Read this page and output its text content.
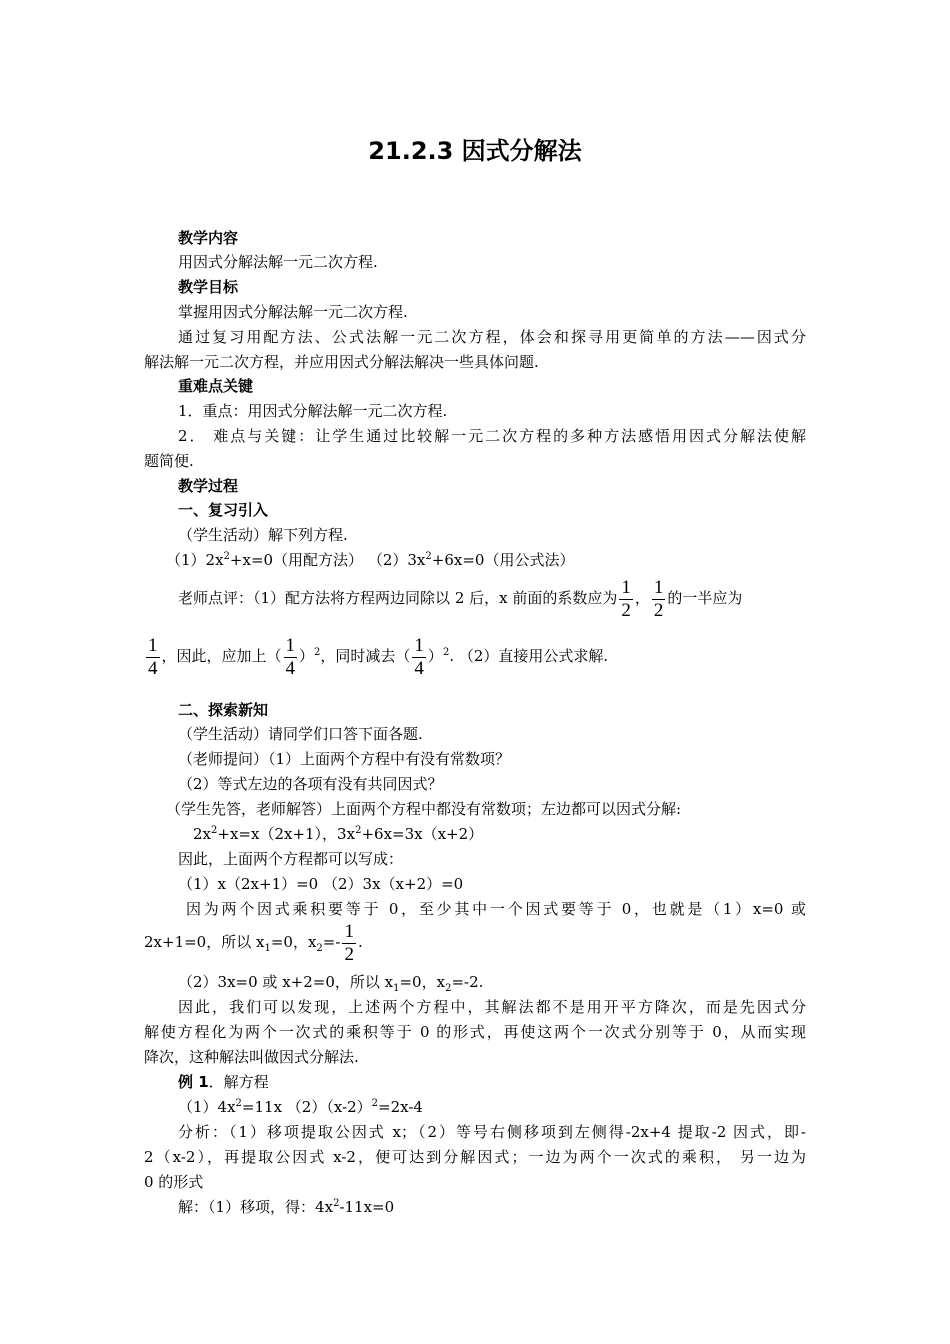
21.2.3 因式分解法
教学内容
用因式分解法解一元二次方程.
教学目标
掌握用因式分解法解一元二次方程.
通过复习用配方法、公式法解一元二次方程，体会和探寻用更简单的方法——因式分
解法解一元二次方程，并应用因式分解法解决一些具体问题.
重难点关键
1．重点：用因式分解法解一元二次方程.
2． 难点与关键：让学生通过比较解一元二次方程的多种方法感悟用因式分解法使解
题简便.
教学过程
一、复习引入
（学生活动）解下列方程.
$(1)2x^2+x=0$（用配方法） $(2)3x^2+6x=0$（用公式法）
老师点评：（1）配方法将方程两边同除以 2 后，x 前面的系数应为 $\frac{1}{2}$ ， $\frac{1}{2}$ 的一半应为
$\frac{1}{4}$ ，因此，应加上（ $\frac{1}{4} )^2$，同时减去（ $\frac{1}{4} )^2$. （2）直接用公式求解.
二、探索新知
（学生活动）请同学们口答下面各题.
（老师提问）（1）上面两个方程中有没有常数项？
（2）等式左边的各项有没有共同因式？
（学生先答，老师解答）上面两个方程中都没有常数项；左边都可以因式分解:
$2x^2+x=x(2x+1)$，$3x^2+6x=3x(x+2)$
因此，上面两个方程都可以写成：
（1）x（2x+1）=0 （2）3x（x+2）=0
因为两个因式乘积要等于 0，至少其中一个因式要等于 0，也就是（1）x=0 或
2x+1=0，所以 $x_1=0$，$x_2=- \frac{1}{2}$ .
（2）3x=0 或 x+2=0，所以 $x_1=0$，$x_2=-2$.
因此，我们可以发现，上述两个方程中，其解法都不是用开平方降次，而是先因式分
解使方程化为两个一次式的乘积等于 0 的形式，再使这两个一次式分别等于 0，从而实现
降次，这种解法叫做因式分解法.
例 1．解方程
$(1)4x^2=11x$ $(2)(x-2)^2=2x-4$
分析：（1）移项提取公因式 x；（2）等号右侧移项到左侧得-2x+4 提取-2 因式，即-
2（x-2），再提取公因式 x-2，便可达到分解因式；一边为两个一次式的乘积， 另一边为
0 的形式
解：（1）移项，得：$4x^2-11x=0$
